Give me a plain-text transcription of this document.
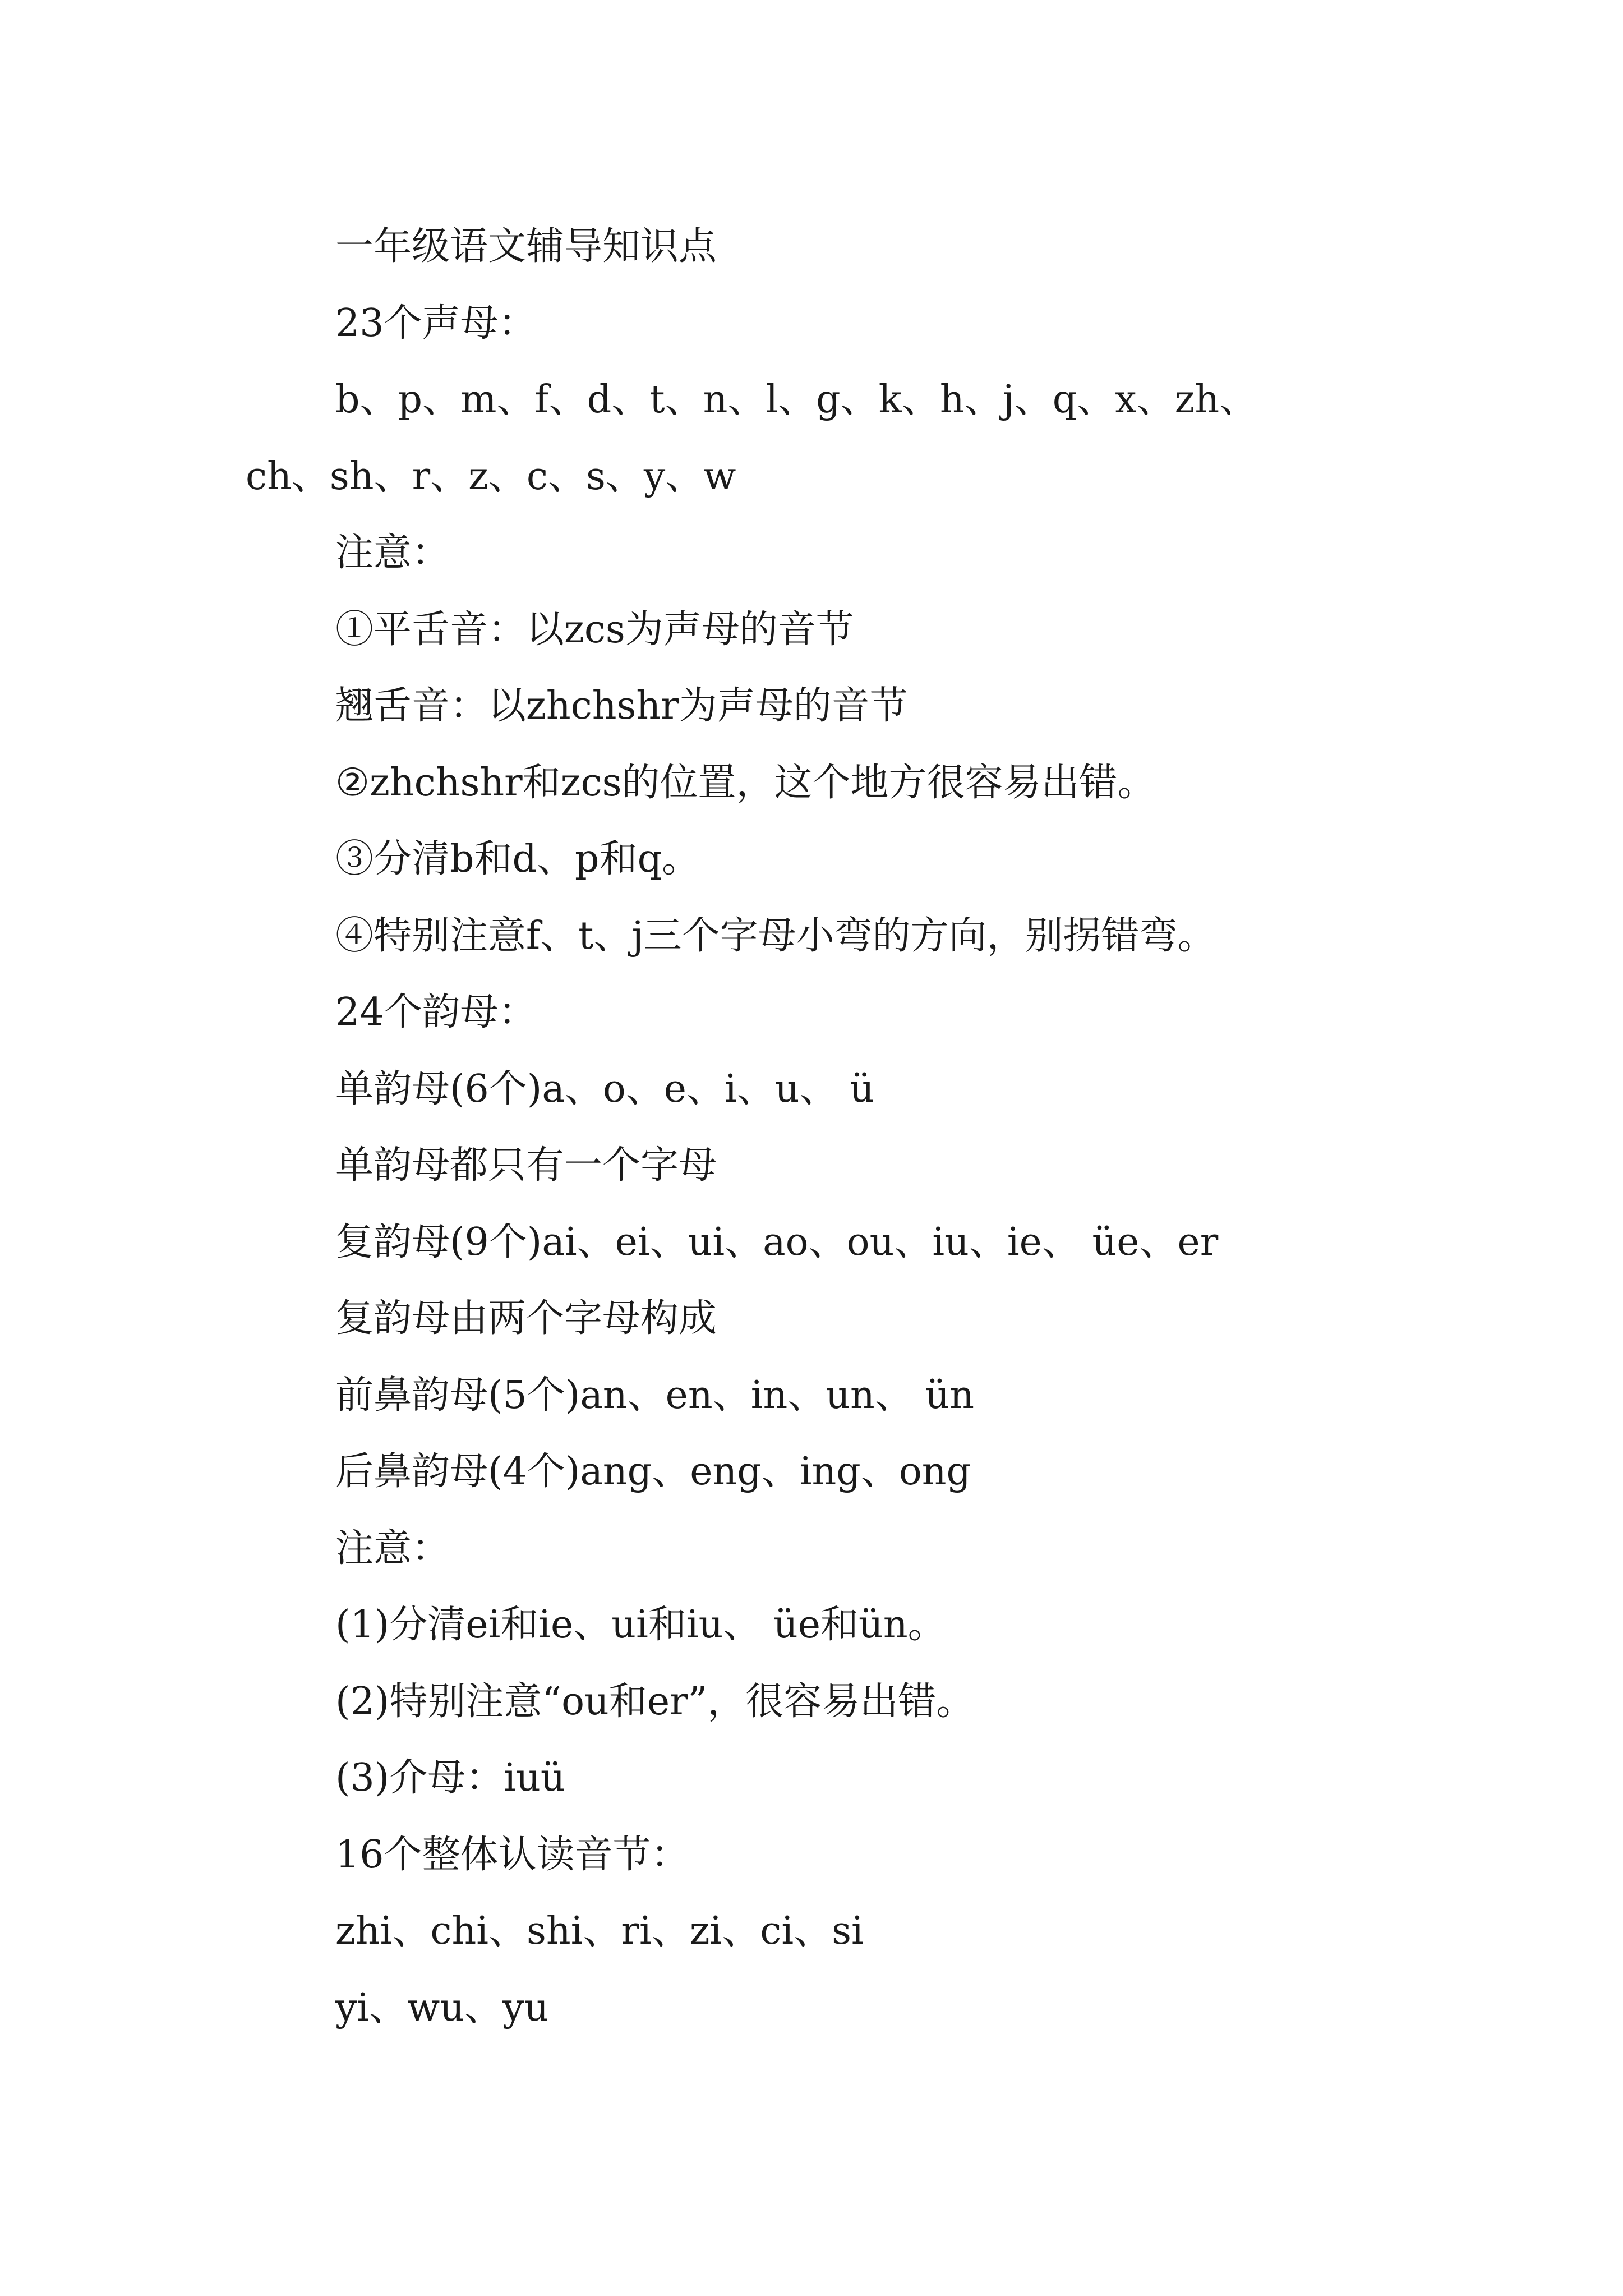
一年级语文辅导知识点
23个声母：
b、p、m、f、d、t、n、l、g、k、h、j、q、x、zh、
ch、sh、r、z、c、s、y、w
注意：
①平舌音：以zcs为声母的音节
翘舌音：以zhchshr为声母的音节
②zhchshr和zcs的位置，这个地方很容易出错。
③分清b和d、p和q。
④特别注意f、t、j三个字母小弯的方向，别拐错弯。
24个韵母：
单韵母(6个)a、o、e、i、u、 ü
单韵母都只有一个字母
复韵母(9个)ai、ei、ui、ao、ou、iu、ie、 üe、er
复韵母由两个字母构成
前鼻韵母(5个)an、en、in、un、 ün
后鼻韵母(4个)ang、eng、ing、ong
注意：
(1)分清ei和ie、ui和iu、 üe和ün。
(2)特别注意“ou和er”，很容易出错。
(3)介母：iuü
16个整体认读音节：
zhi、chi、shi、ri、zi、ci、si
yi、wu、yu
